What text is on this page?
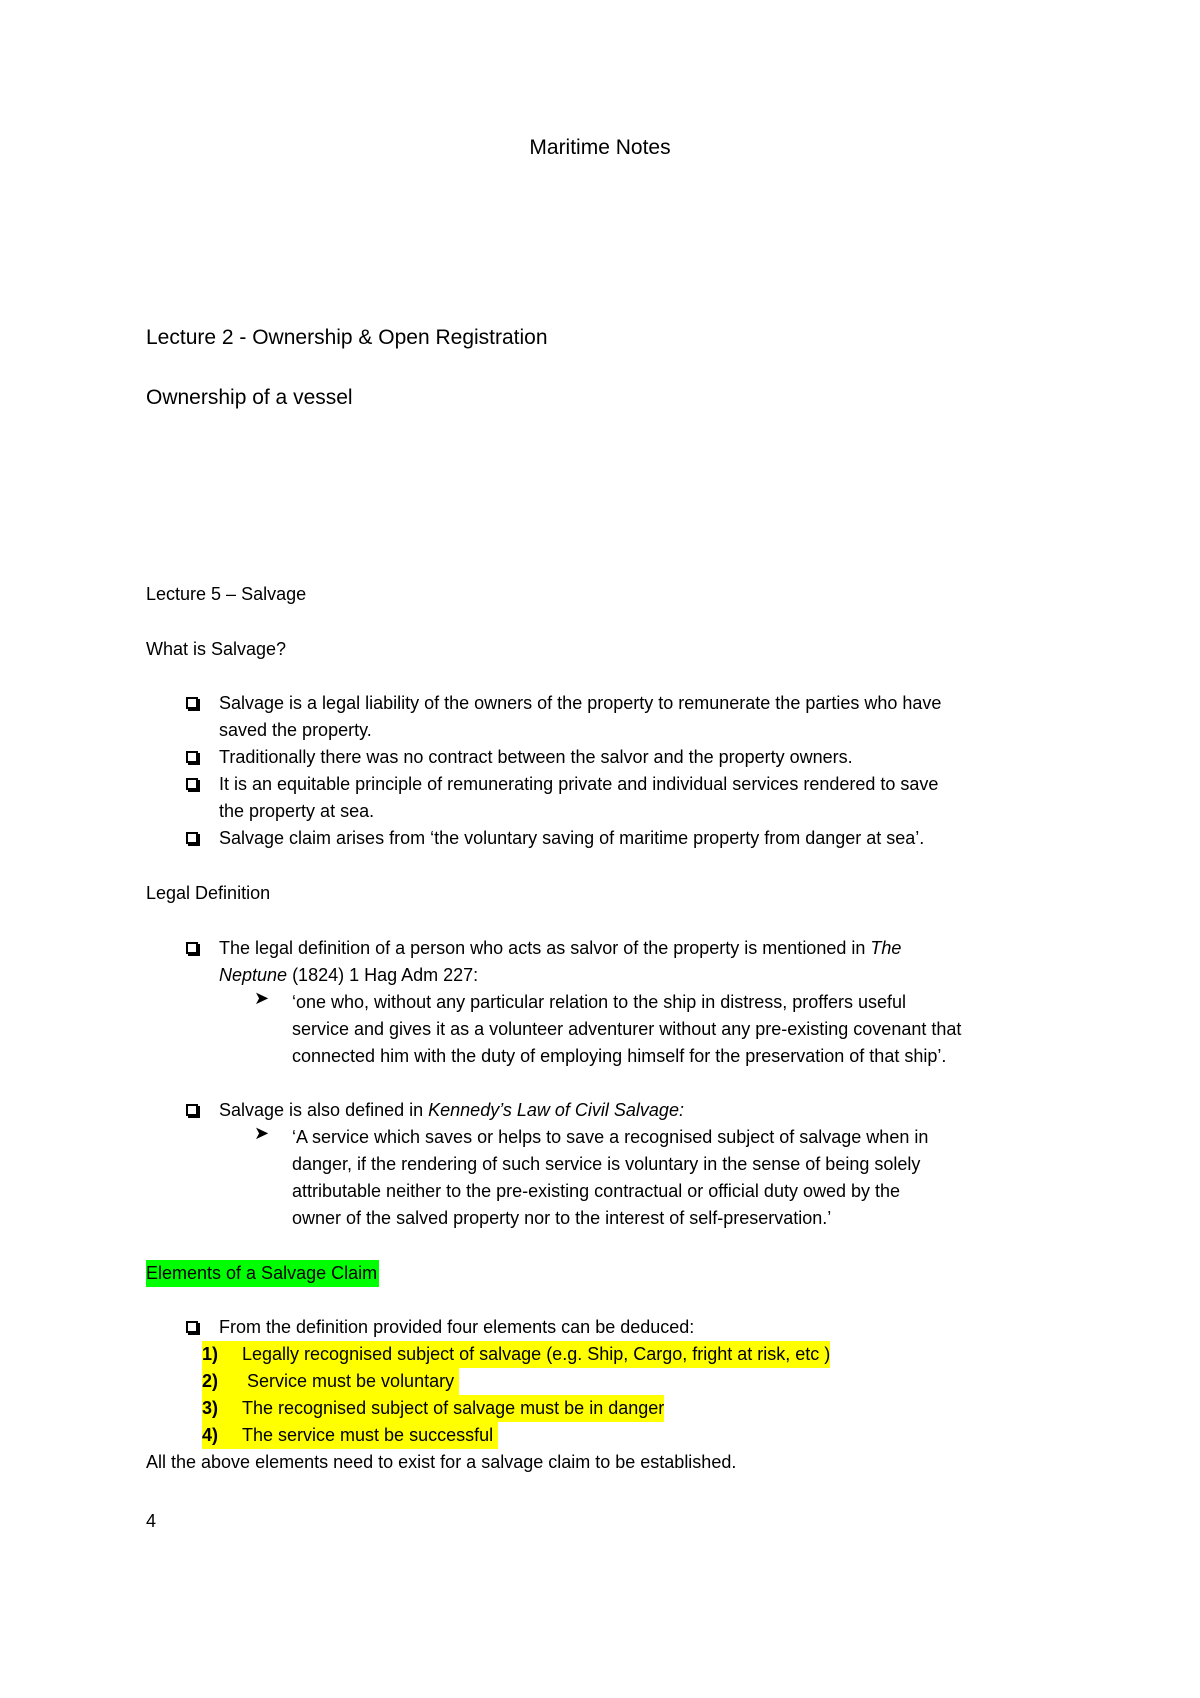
Maritime Notes
Lecture 2 - Ownership & Open Registration
Ownership of a vessel
Lecture 5 – Salvage
What is Salvage?
Salvage is a legal liability of the owners of the property to remunerate the parties who have
saved the property.
Traditionally there was no contract between the salvor and the property owners.
It is an equitable principle of remunerating private and individual services rendered to save
the property at sea.
Salvage claim arises from ‘the voluntary saving of maritime property from danger at sea’.
Legal Definition
The legal definition of a person who acts as salvor of the property is mentioned in The
Neptune (1824) 1 Hag Adm 227:
➤ ‘one who, without any particular relation to the ship in distress, proffers useful
service and gives it as a volunteer adventurer without any pre-existing covenant that
connected him with the duty of employing himself for the preservation of that ship’.
Salvage is also defined in Kennedy’s Law of Civil Salvage:
➤ ‘A service which saves or helps to save a recognised subject of salvage when in
danger, if the rendering of such service is voluntary in the sense of being solely
attributable neither to the pre-existing contractual or official duty owed by the
owner of the salved property nor to the interest of self-preservation.’
Elements of a Salvage Claim
From the definition provided four elements can be deduced:
1) Legally recognised subject of salvage (e.g. Ship, Cargo, fright at risk, etc )
2) Service must be voluntary
3) The recognised subject of salvage must be in danger
4) The service must be successful
All the above elements need to exist for a salvage claim to be established.
4
